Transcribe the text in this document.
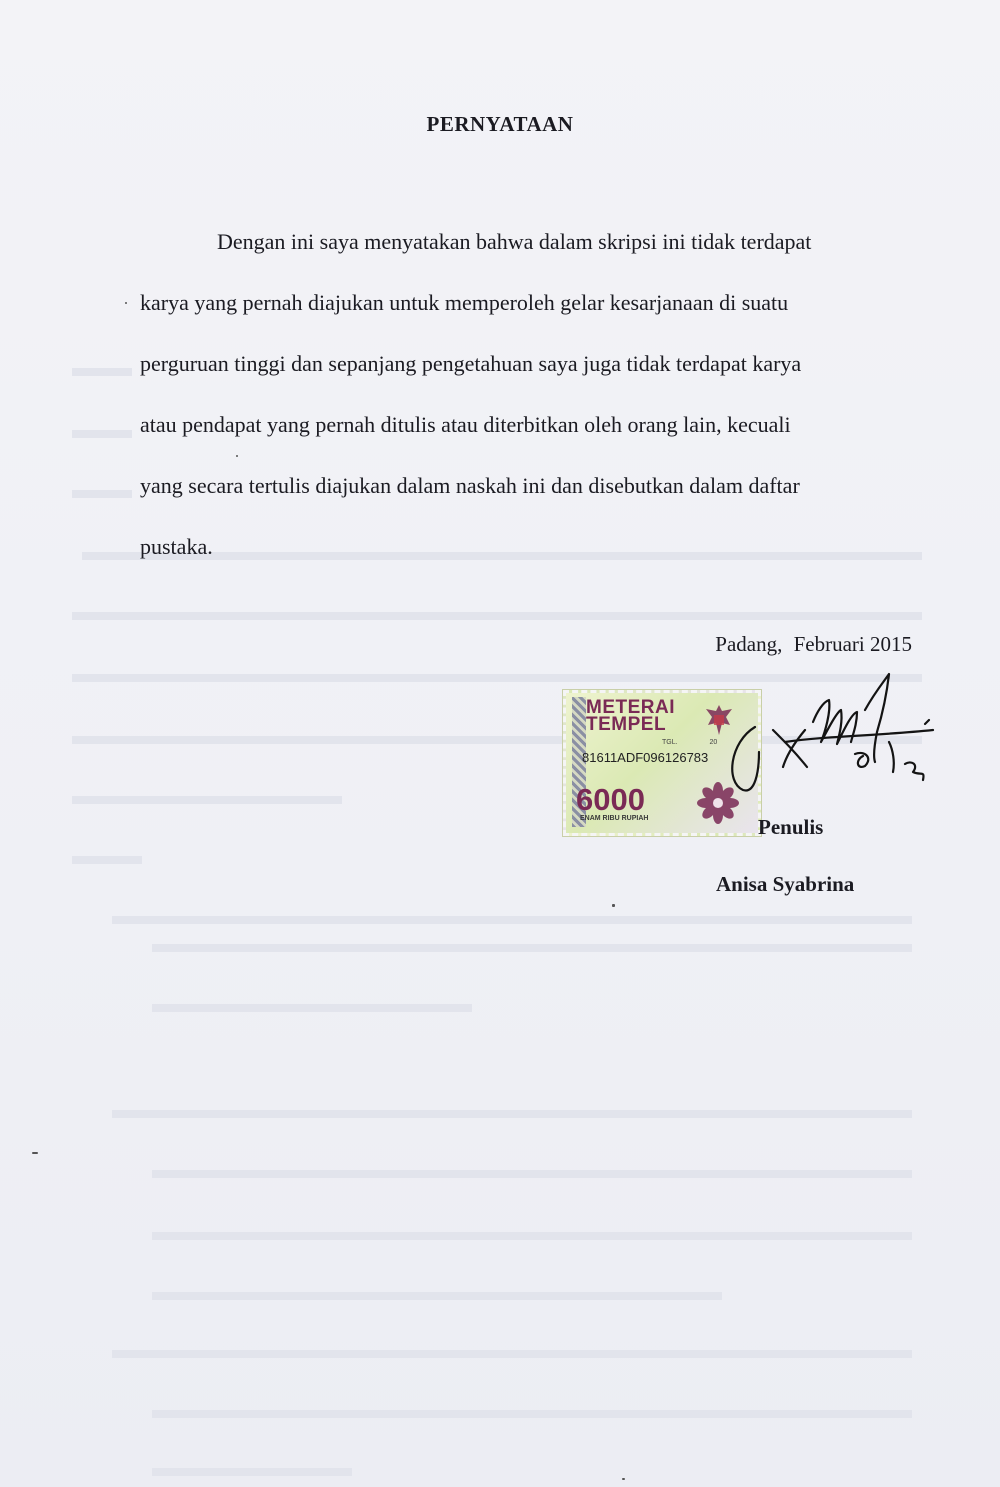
PERNYATAAN
Dengan ini saya menyatakan bahwa dalam skripsi ini tidak terdapat
karya yang pernah diajukan untuk memperoleh gelar kesarjanaan di suatu
perguruan tinggi dan sepanjang pengetahuan saya juga tidak terdapat karya
atau pendapat yang pernah ditulis atau diterbitkan oleh orang lain, kecuali
yang secara tertulis diajukan dalam naskah ini dan disebutkan dalam daftar
pustaka.
Padang, Februari 2015
METERAI
TEMPEL
TGL.	20
81611ADF096126783
6000
ENAM RIBU RUPIAH	Penulis
Anisa Syabrina
